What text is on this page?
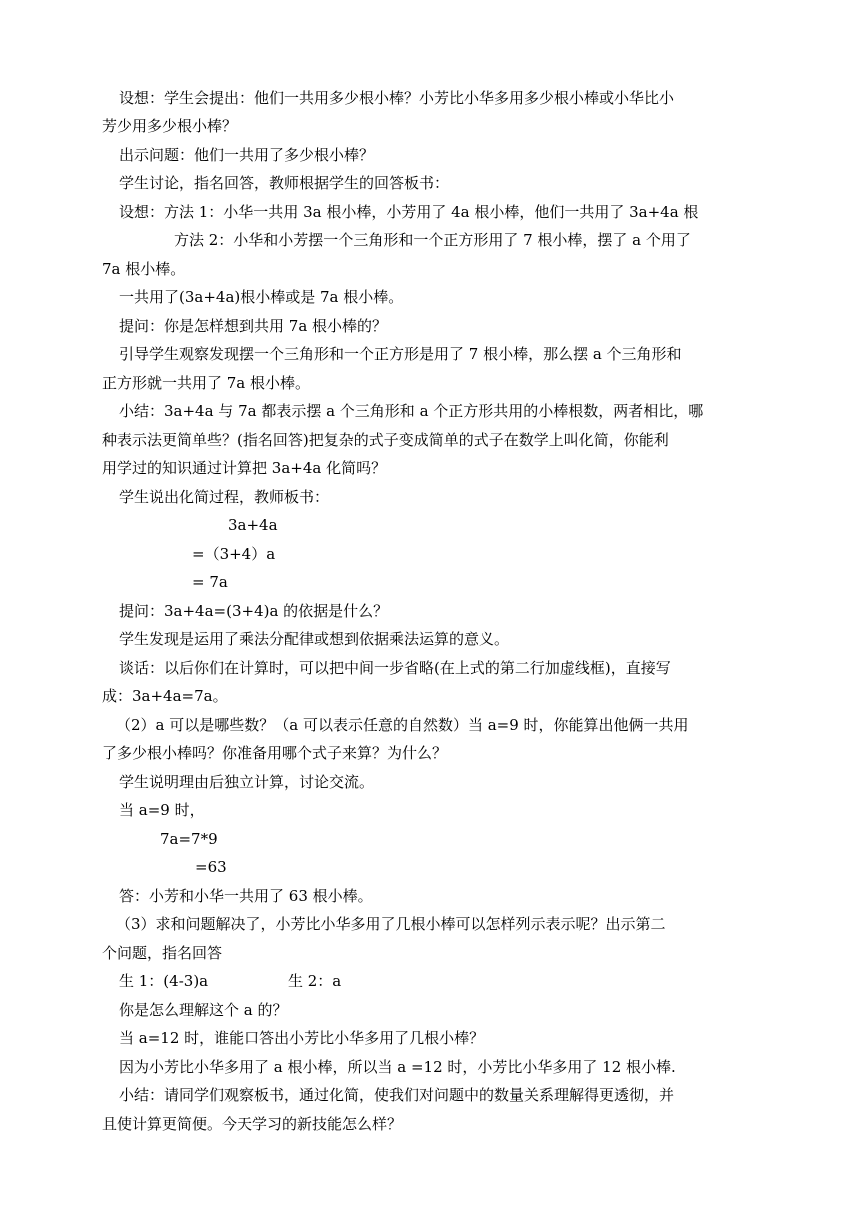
设想：学生会提出：他们一共用多少根小棒？小芳比小华多用多少根小棒或小华比小

芳少用多少根小棒？

出示问题：他们一共用了多少根小棒？

学生讨论，指名回答，教师根据学生的回答板书：

设想：方法 1：小华一共用 3a 根小棒，小芳用了 4a 根小棒，他们一共用了 3a+4a 根

方法 2：小华和小芳摆一个三角形和一个正方形用了 7 根小棒，摆了 a 个用了

7a 根小棒。

一共用了(3a+4a)根小棒或是 7a 根小棒。

提问：你是怎样想到共用 7a 根小棒的？

引导学生观察发现摆一个三角形和一个正方形是用了 7 根小棒，那么摆 a 个三角形和

正方形就一共用了 7a 根小棒。

小结：3a+4a 与 7a 都表示摆 a 个三角形和 a 个正方形共用的小棒根数，两者相比，哪

种表示法更简单些？(指名回答)把复杂的式子变成简单的式子在数学上叫化简，你能利

用学过的知识通过计算把 3a+4a 化简吗？

学生说出化简过程，教师板书：

3a+4a

=（3+4）a

= 7a

提问：3a+4a=(3+4)a 的依据是什么？

学生发现是运用了乘法分配律或想到依据乘法运算的意义。

谈话：以后你们在计算时，可以把中间一步省略(在上式的第二行加虚线框)，直接写

成：3a+4a=7a。

（2）a 可以是哪些数？（a 可以表示任意的自然数）当 a=9 时，你能算出他俩一共用

了多少根小棒吗？你准备用哪个式子来算？为什么？

学生说明理由后独立计算，讨论交流。

当 a=9 时，

7a=7*9

=63

答：小芳和小华一共用了 63 根小棒。

（3）求和问题解决了，小芳比小华多用了几根小棒可以怎样列示表示呢？出示第二

个问题，指名回答

生 1：(4-3)a	生 2：a

你是怎么理解这个 a 的？

当 a=12 时，谁能口答出小芳比小华多用了几根小棒？

因为小芳比小华多用了 a 根小棒，所以当 a =12 时，小芳比小华多用了 12 根小棒.

小结：请同学们观察板书，通过化简，使我们对问题中的数量关系理解得更透彻，并

且使计算更简便。今天学习的新技能怎么样？
